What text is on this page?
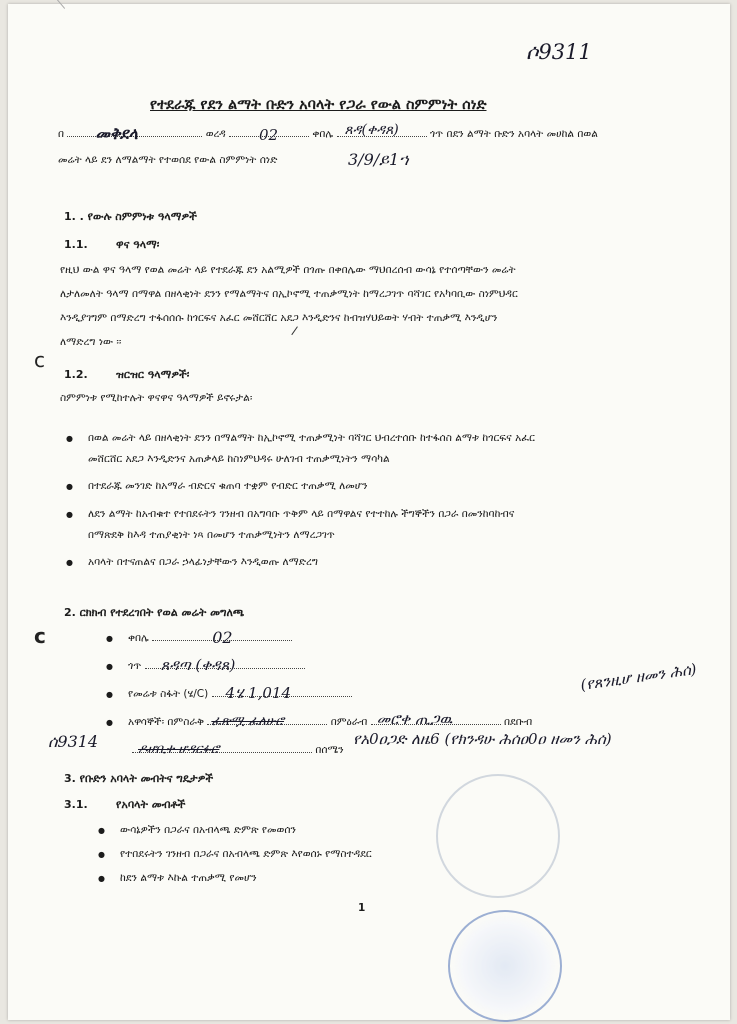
ሶ9311
የተደራጁ የደን ልማት ቡድን አባላት የጋራ የውል ስምምነት ሰነድ
በ መቅደላ	ወረዳ 02	ቀበሌ ጸዳ(ቀዳጸ)	ጎጥ በደን ልማት ቡድን አባላት መሀከል በወል
መሬት ላይ ደን ለማልማት የተወሰደ የውል ስምምነት ሰነድ	3/9/ይ1ኀ
1. . የውሉ ስምምነቱ ዓላማዎች
1.1.	ዋና ዓላማ፡
የዚህ ውል ዋና ዓላማ የወል መሬት ላይ የተደራጁ ደን አልሚዎች በጎጡ በቀበሌው ማህበረሰብ ውሳኔ የተሰጣቸውን መሬት
ለታለመለት ዓላማ በማዋል በዘላቂነት ደንን የማልማትና በኢኮኖሚ ተጠቃሚነት ከማረጋገጥ ባሻገር የአካባቢው ስነምህዳር
እንዲያገግም በማድረግ ተፋሰሰሱ ከጎርፍና አፈር መሸርሸር አደጋ እንዲድንና ከብዝሃህይወት ሃብት ተጠቃሚ እንዲሆን
ለማድረግ ነው ፡፡
c
1.2.	ዝርዝር ዓላማዎች፡
ስምምነቱ የሚከተሉት ዋናዋና ዓላማዎች ይኖሩታል፡
● በወል መሬት ላይ በዘላቂነት ደንን በማልማት ከኢኮኖሚ ተጠቃሚነት ባሻገር ህብረተሰቡ ከተፋሰስ ልማቱ ከጎርፍና አፈር
መሸርሸር አደጋ እንዲድንና አጠቃላይ ከስነምህዳሩ ሁለገብ ተጠቃሚነትን ማሳካል
● በተደራጁ መንገድ ከአማራ ብድርና ቁጠባ ተቋም የብድር ተጠቃሚ ለመሆን
● ለደን ልማት ከአብቁተ የተበደሩትን ገንዘብ በአግባቡ ጥቅም ላይ በማዋልና የተተከሉ ችግኞችን በጋራ በመንከባከብና
በማጽደቅ ከእዳ ተጠያቂነት ነጻ በመሆን ተጠቃሚነትን ለማረጋገጥ
● አባላት በተናጠልና በጋራ ኃላፊነታቸውን እንዲወጡ ለማድረግ
2. ርክክብ የተደረገበት የወል መሬት መግለጫ
c
●	ቀበሌ	02
● ጎጥ ጸዳጣ (ቀዳጸ)
● የመሬቱ ስፋት (ሄ/C) 4ሄ 1,014	(የጸንዚሆ ዘመን ሕሰ)
● አዋሳኞች፡ በምስራቅ ፈጽሟ ፈለሁሮ	በምዕራብ መሮቀ ጢጋዉ	በደቡብ
ሰ9314	ዶሆቢተ ሆዳርፉሮ	በሰሜን
የአ0ዐጋድ ለዜ6 (የክንዳሁ ሕሰዐ0ዐ ዘመን ሕሰ)
3. የቡድን አባላት መብትና ግዴታዎች
3.1.	የአባላት መብቶች
● ውሳኔዎችን በጋራና በአብላጫ ድምጽ የመወሰን
● የተበደሩትን ገንዘብ በጋራና በአብላጫ ድምጽ እየወሰኑ የማስተዳደር
● ከደን ልማቱ እኩል ተጠቃሚ የመሆን
1
